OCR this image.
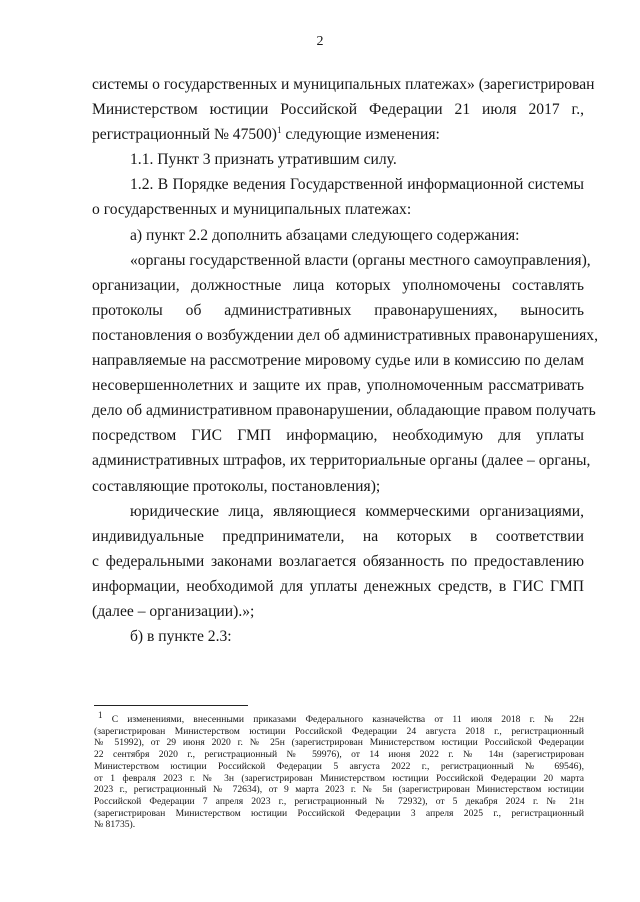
2

системы о государственных и муниципальных платежах» (зарегистрирован

Министерством юстиции Российской Федерации 21 июля 2017 г.,

регистрационный № 47500)$^1$ следующие изменения:

1.1. Пункт 3 признать утратившим силу.

1.2. В Порядке ведения Государственной информационной системы

о государственных и муниципальных платежах:

а) пункт 2.2 дополнить абзацами следующего содержания:

«органы государственной власти (органы местного самоуправления),

организации, должностные лица которых уполномочены составлять

протоколы об административных правонарушениях, выносить

постановления о возбуждении дел об административных правонарушениях,

направляемые на рассмотрение мировому судье или в комиссию по делам

несовершеннолетних и защите их прав, уполномоченным рассматривать

дело об административном правонарушении, обладающие правом получать

посредством ГИС ГМП информацию, необходимую для уплаты

административных штрафов, их территориальные органы (далее – органы,

составляющие протоколы, постановления);

юридические лица, являющиеся коммерческими организациями,

индивидуальные предприниматели, на которых в соответствии

с федеральными законами возлагается обязанность по предоставлению

информации, необходимой для уплаты денежных средств, в ГИС ГМП

(далее – организации).»;

б) в пункте 2.3:

$^1$ С изменениями, внесенными приказами Федерального казначейства от 11 июля 2018 г. № 22н

(зарегистрирован Министерством юстиции Российской Федерации 24 августа 2018 г., регистрационный

№ 51992), от 29 июня 2020 г. № 25н (зарегистрирован Министерством юстиции Российской Федерации

22 сентября 2020 г., регистрационный № 59976), от 14 июня 2022 г. № 14н (зарегистрирован

Министерством юстиции Российской Федерации 5 августа 2022 г., регистрационный № 69546),

от 1 февраля 2023 г. № 3н (зарегистрирован Министерством юстиции Российской Федерации 20 марта

2023 г., регистрационный № 72634), от 9 марта 2023 г. № 5н (зарегистрирован Министерством юстиции

Российской Федерации 7 апреля 2023 г., регистрационный № 72932), от 5 декабря 2024 г. № 21н

(зарегистрирован Министерством юстиции Российской Федерации 3 апреля 2025 г., регистрационный

№ 81735).
